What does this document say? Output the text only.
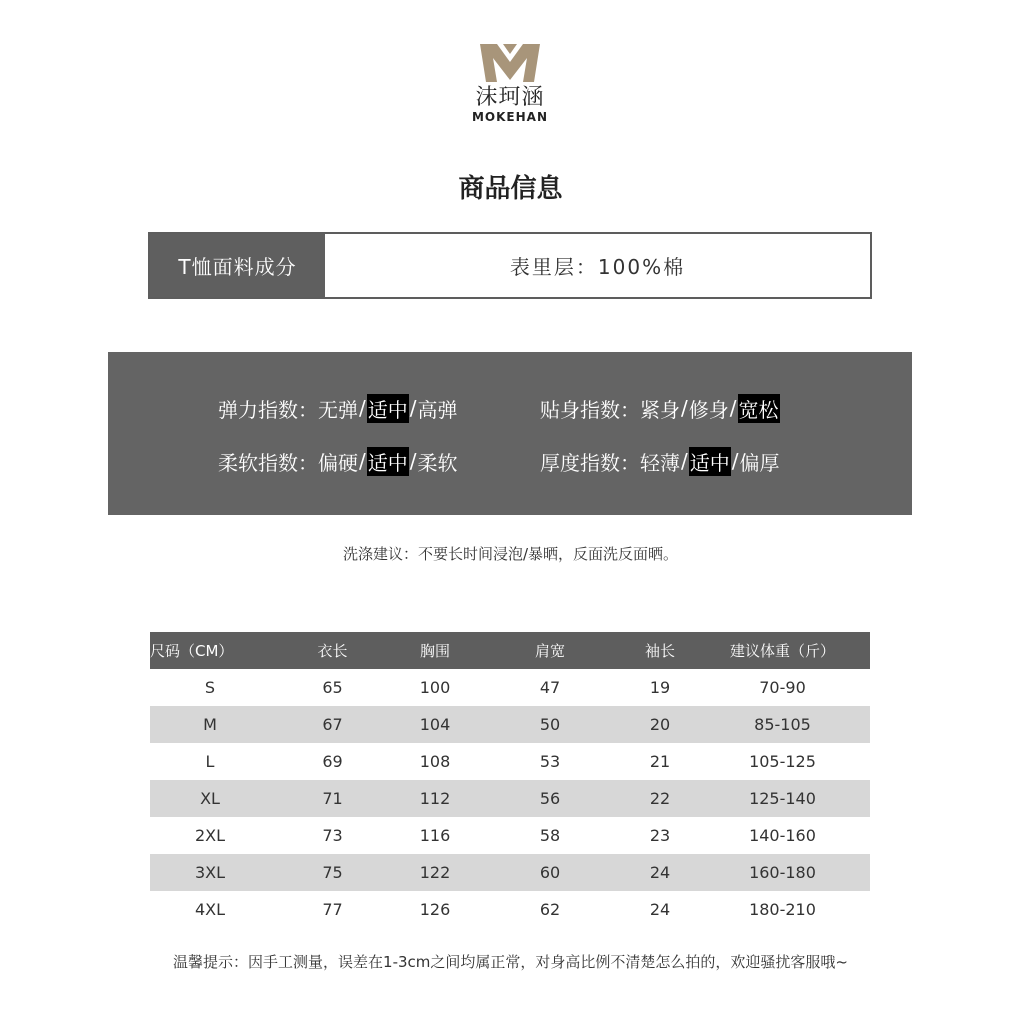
沫珂涵
MOKEHAN
商品信息
T恤面料成分	表里层：100%棉
弹力指数： 无弹 / 适中 / 高弹	贴身指数： 紧身 / 修身 / 宽松
柔软指数： 偏硬 / 适中 / 柔软	厚度指数： 轻薄 / 适中 / 偏厚
洗涤建议：不要长时间浸泡/暴晒，反面洗反面晒。
尺码（CM）	衣长	胸围	肩宽	袖长	建议体重（斤）
S	65	100	47	19	70-90
M	67	104	50	20	85-105
L	69	108	53	21	105-125
XL	71	112	56	22	125-140
2XL	73	116	58	23	140-160
3XL	75	122	60	24	160-180
4XL	77	126	62	24	180-210
温馨提示：因手工测量，误差在1-3cm之间均属正常，对身高比例不清楚怎么拍的，欢迎骚扰客服哦~
